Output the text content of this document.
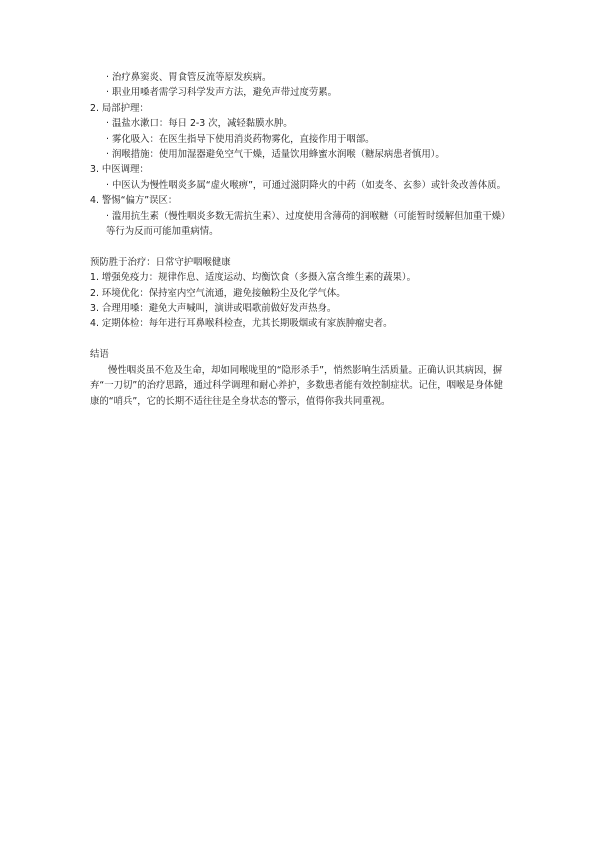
· 治疗鼻窦炎、胃食管反流等原发疾病。
· 职业用嗓者需学习科学发声方法，避免声带过度劳累。
2. 局部护理：
· 温盐水漱口：每日 2-3 次，减轻黏膜水肿。
· 雾化吸入：在医生指导下使用消炎药物雾化，直接作用于咽部。
· 润喉措施：使用加湿器避免空气干燥，适量饮用蜂蜜水润喉（糖尿病患者慎用）。
3. 中医调理：
· 中医认为慢性咽炎多属“虚火喉痹”，可通过滋阴降火的中药（如麦冬、玄参）或针灸改善体质。
4. 警惕“偏方”误区：
· 滥用抗生素（慢性咽炎多数无需抗生素）、过度使用含薄荷的润喉糖（可能暂时缓解但加重干燥）等行为反而可能加重病情。
预防胜于治疗：日常守护咽喉健康
1. 增强免疫力：规律作息、适度运动、均衡饮食（多摄入富含维生素的蔬果）。
2. 环境优化：保持室内空气流通，避免接触粉尘及化学气体。
3. 合理用嗓：避免大声喊叫，演讲或唱歌前做好发声热身。
4. 定期体检：每年进行耳鼻喉科检查，尤其长期吸烟或有家族肿瘤史者。
结语
慢性咽炎虽不危及生命，却如同喉咙里的“隐形杀手”，悄然影响生活质量。正确认识其病因，摒弃“一刀切”的治疗思路，通过科学调理和耐心养护，多数患者能有效控制症状。记住，咽喉是身体健康的“哨兵”，它的长期不适往往是全身状态的警示，值得你我共同重视。
